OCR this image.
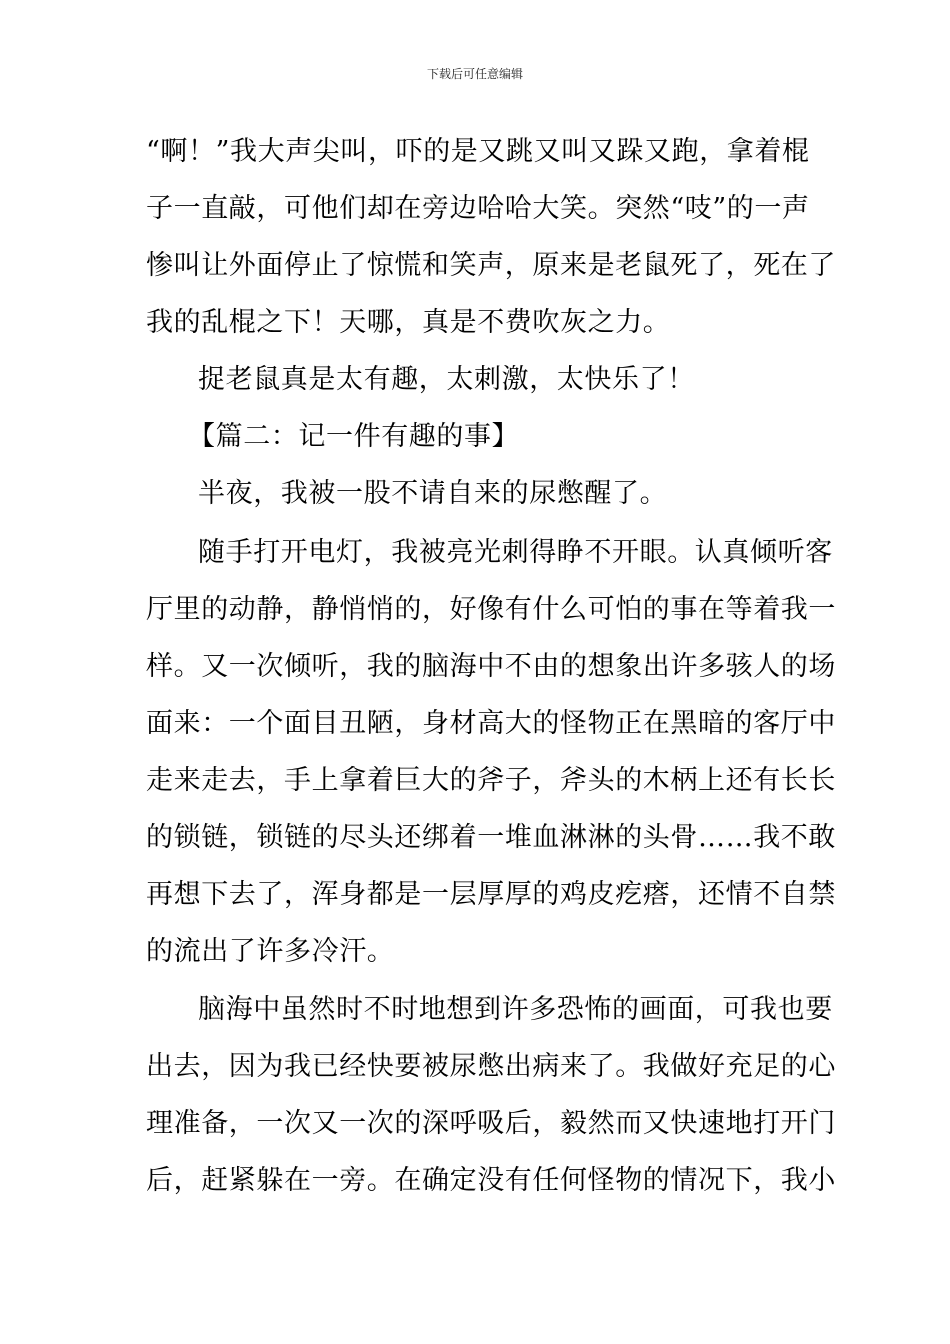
下载后可任意编辑
“啊！”我大声尖叫，吓的是又跳又叫又跺又跑，拿着棍
子一直敲，可他们却在旁边哈哈大笑。突然“吱”的一声
惨叫让外面停止了惊慌和笑声，原来是老鼠死了，死在了
我的乱棍之下！天哪，真是不费吹灰之力。
捉老鼠真是太有趣，太刺激，太快乐了！
【篇二：记一件有趣的事】
半夜，我被一股不请自来的尿憋醒了。
随手打开电灯，我被亮光刺得睁不开眼。认真倾听客
厅里的动静，静悄悄的，好像有什么可怕的事在等着我一
样。又一次倾听，我的脑海中不由的想象出许多骇人的场
面来：一个面目丑陋，身材高大的怪物正在黑暗的客厅中
走来走去，手上拿着巨大的斧子，斧头的木柄上还有长长
的锁链，锁链的尽头还绑着一堆血淋淋的头骨……我不敢
再想下去了，浑身都是一层厚厚的鸡皮疙瘩，还情不自禁
的流出了许多冷汗。
脑海中虽然时不时地想到许多恐怖的画面，可我也要
出去，因为我已经快要被尿憋出病来了。我做好充足的心
理准备，一次又一次的深呼吸后，毅然而又快速地打开门
后，赶紧躲在一旁。在确定没有任何怪物的情况下，我小
